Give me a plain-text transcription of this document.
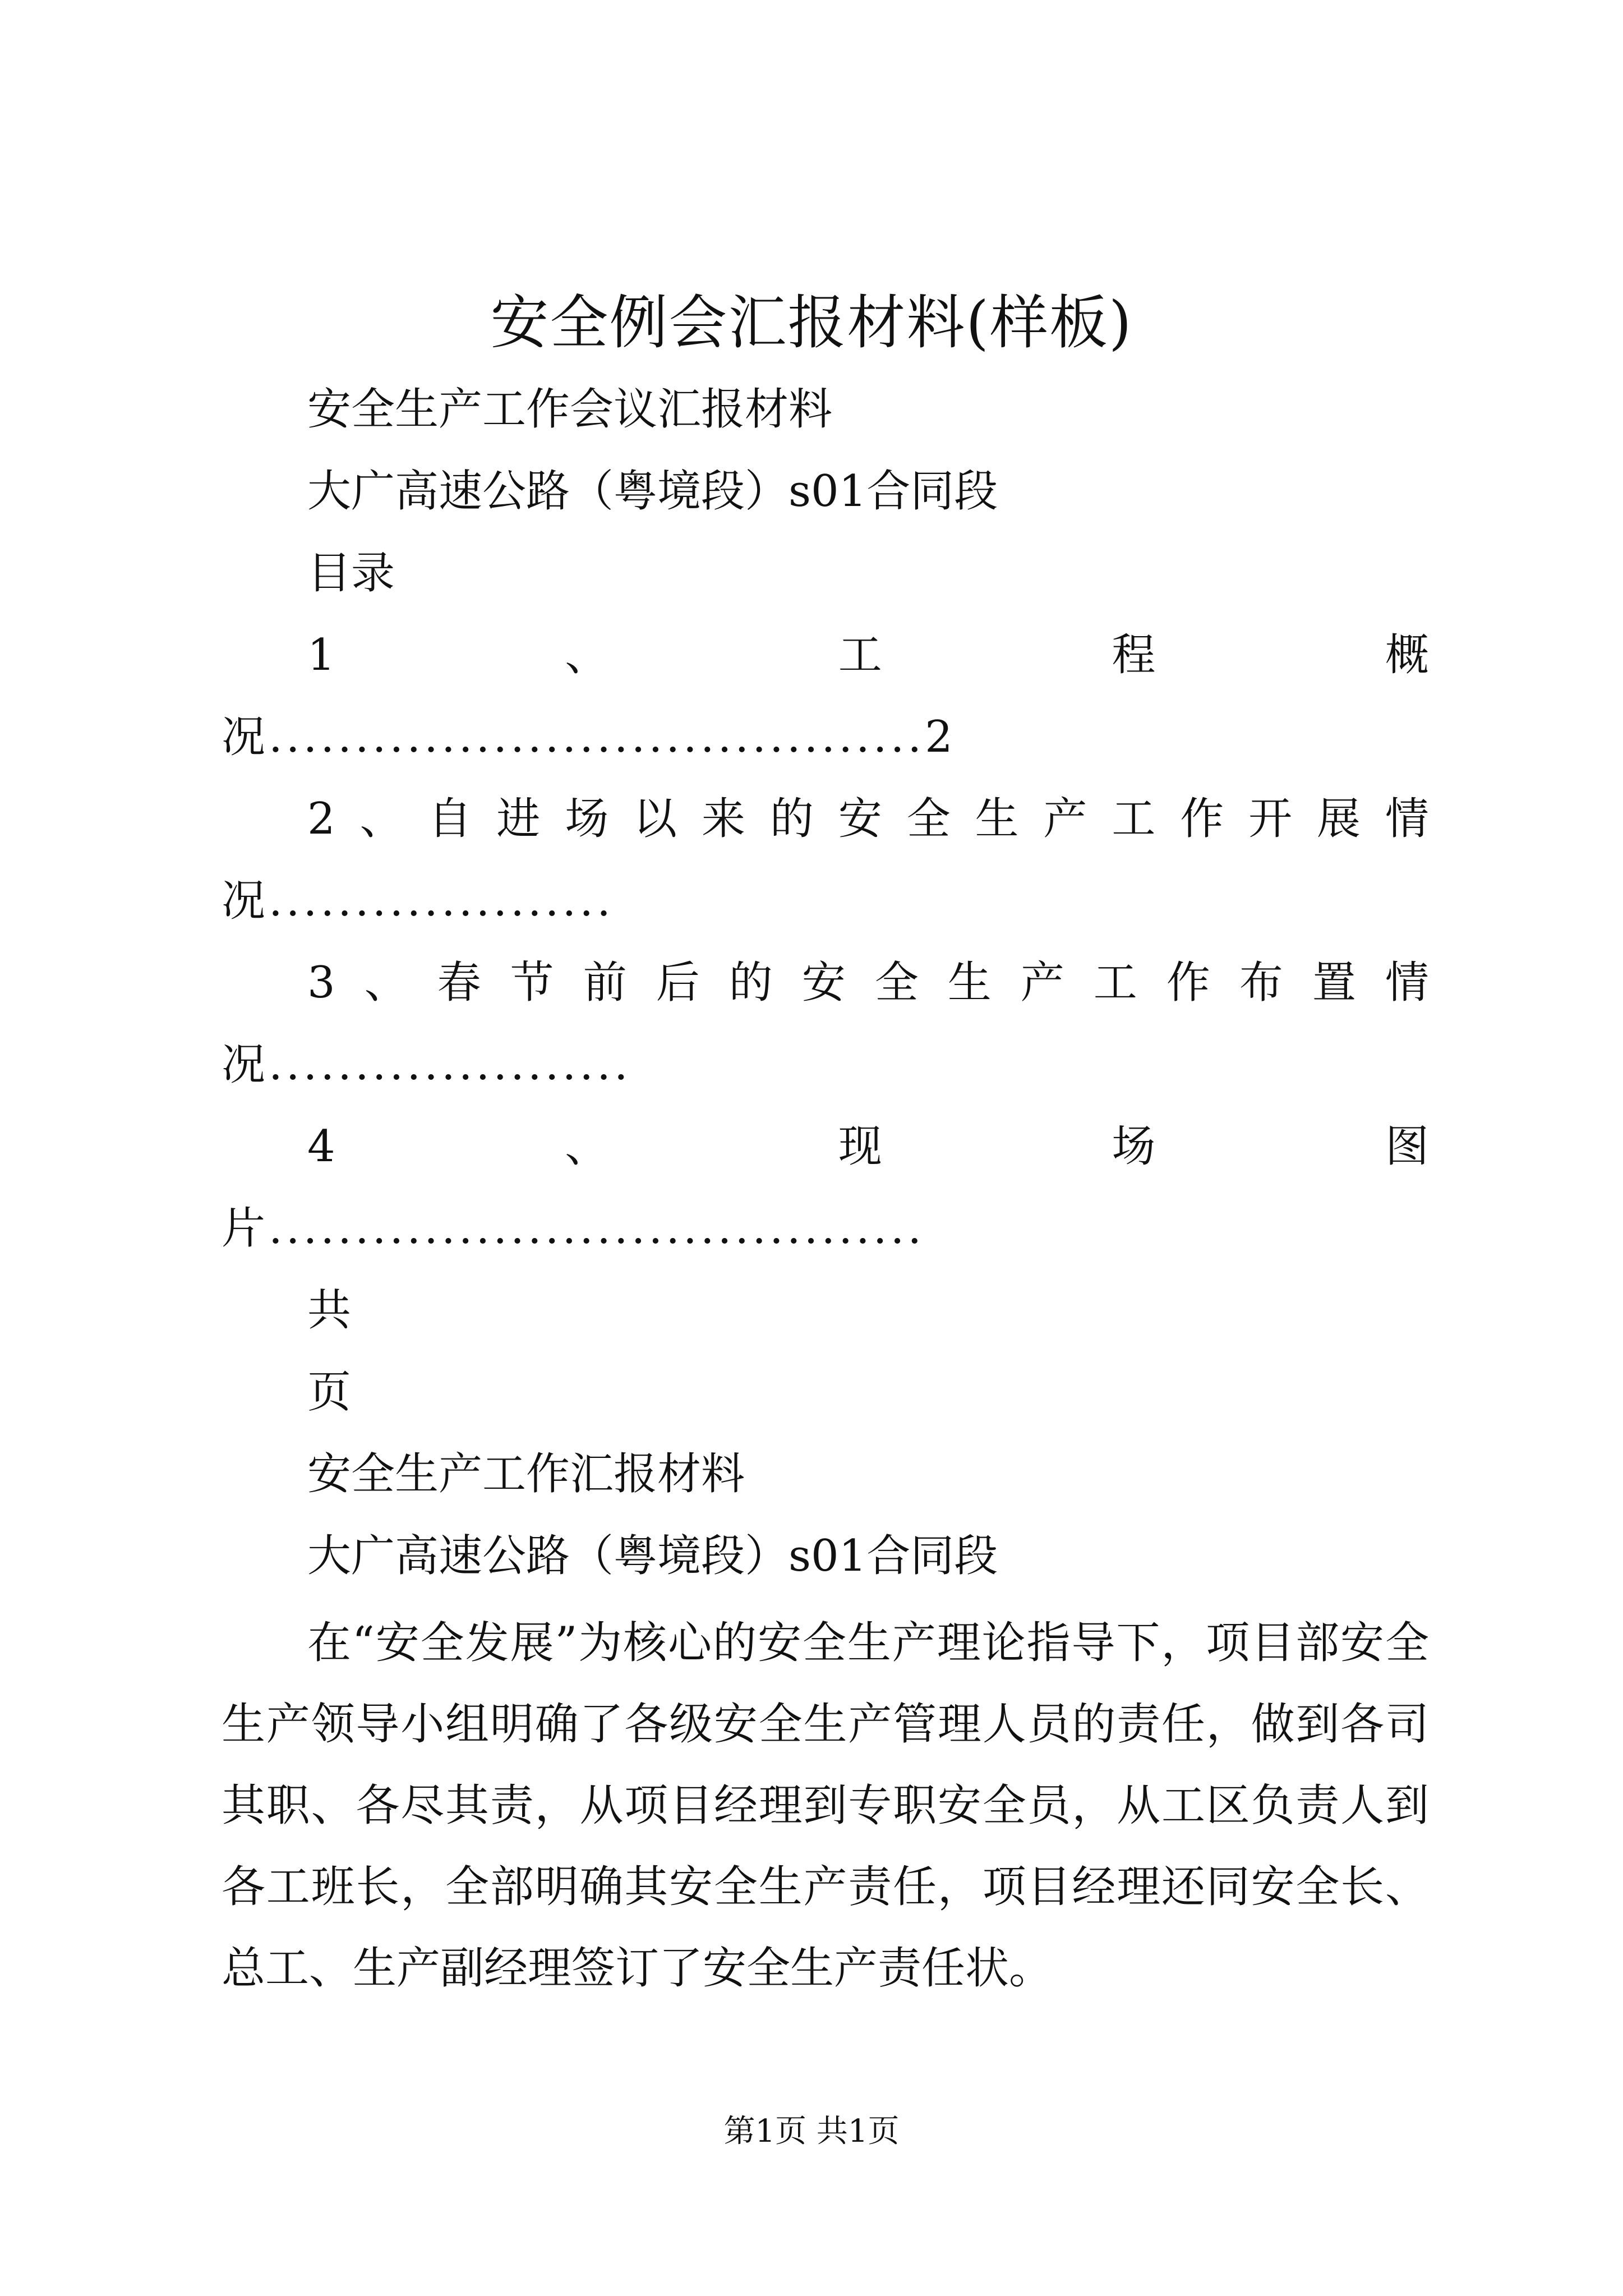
安全例会汇报材料(样板)
安全生产工作会议汇报材料
大广高速公路（粤境段）s01合同段
目录
1	、	工	程	概
况......................................2
2 、 自 进 场 以 来 的 安 全 生 产 工 作 开 展 情
况....................
3 、 春 节 前 后 的 安 全 生 产 工 作 布 置 情
况.....................
4	、	现	场	图
片......................................
共
页
安全生产工作汇报材料
大广高速公路（粤境段）s01合同段

在“安全发展”为核心的安全生产理论指导下，项目部安全生产领导小组明确了各级安全生产管理人员的责任，做到各司其职、各尽其责，从项目经理到专职安全员，从工区负责人到各工班长，全部明确其安全生产责任，项目经理还同安全长、总工、生产副经理签订了安全生产责任状。

第1页 共1页
